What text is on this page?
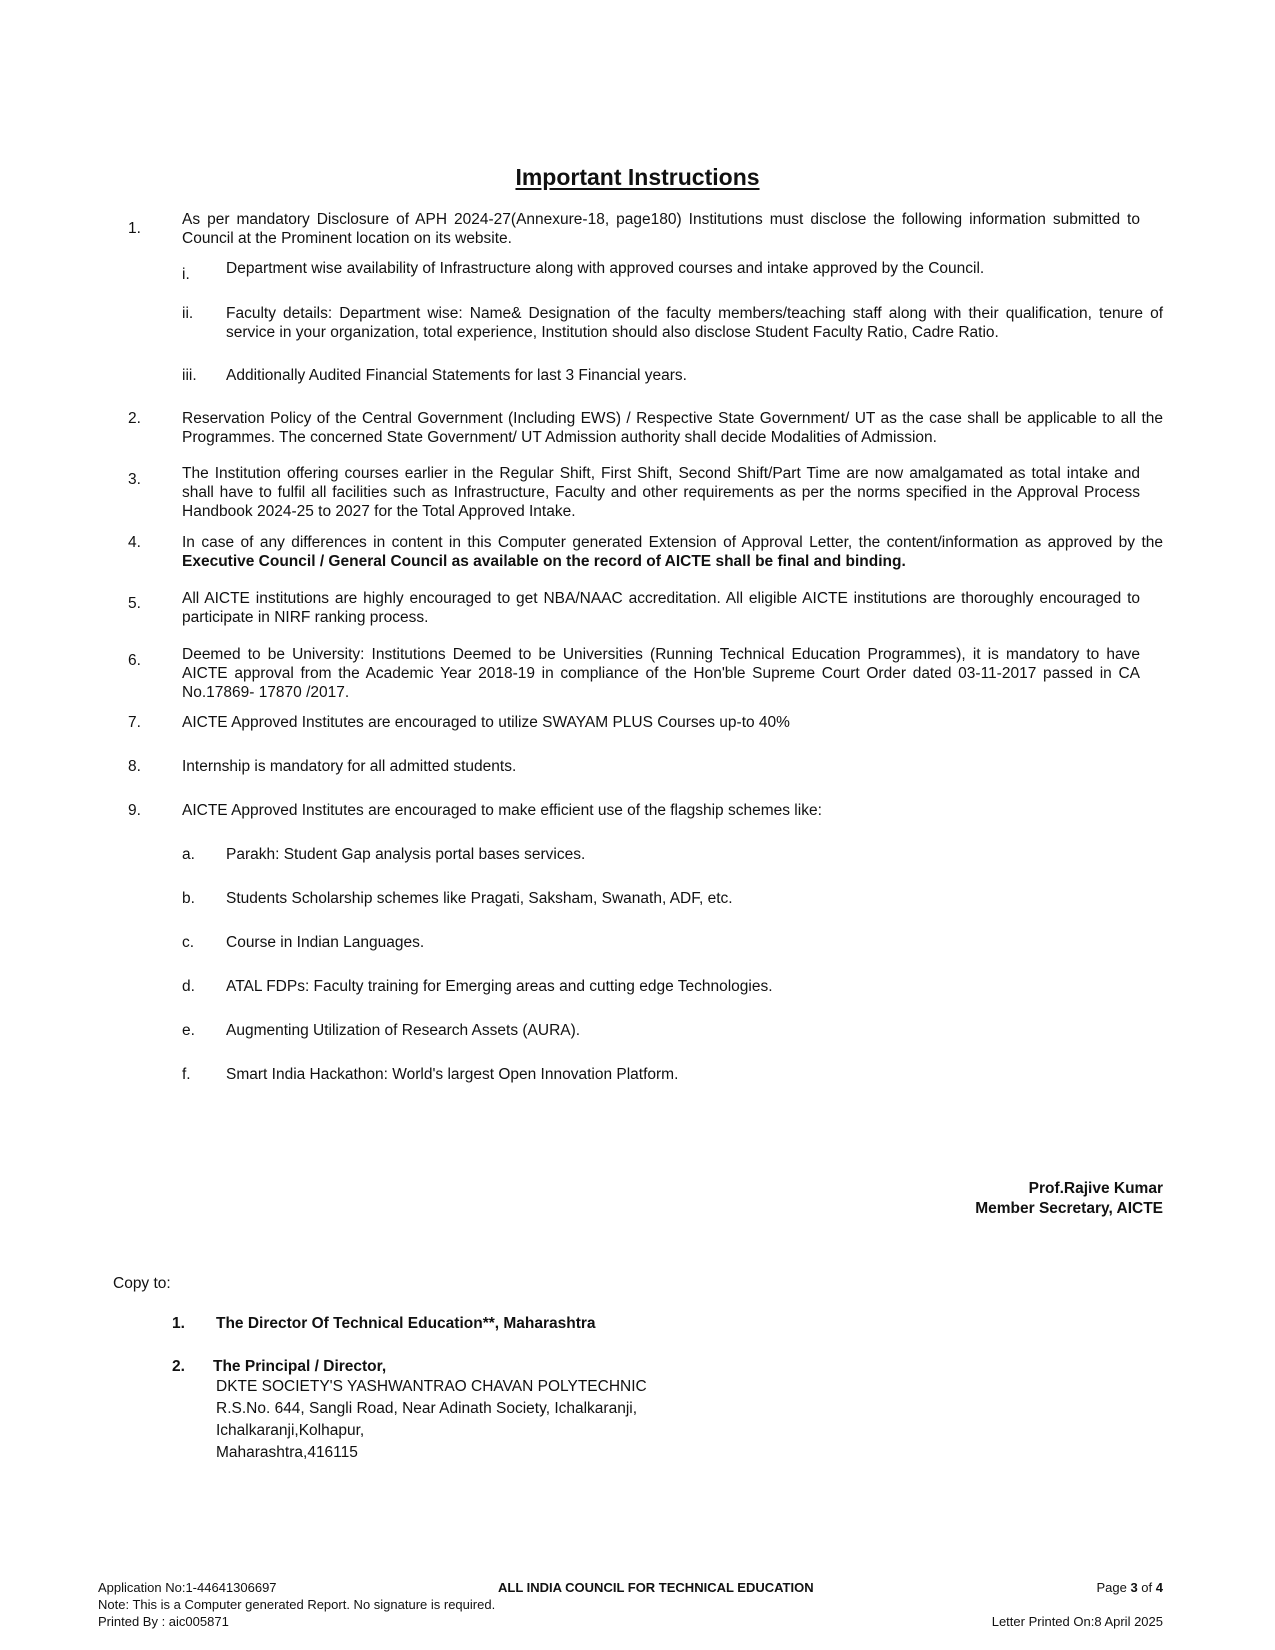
Important Instructions
1.
As per mandatory Disclosure of APH 2024-27(Annexure-18, page180) Institutions must disclose the following information submitted to Council at the Prominent location on its website.
i.	Department wise availability of Infrastructure along with approved courses and intake approved by the Council.
ii.	Faculty details: Department wise: Name& Designation of the faculty members/teaching staff along with their qualification, tenure of service in your organization, total experience, Institution should also disclose Student Faculty Ratio, Cadre Ratio.
iii.	Additionally Audited Financial Statements for last 3 Financial years.
2.	Reservation Policy of the Central Government (Including EWS) / Respective State Government/ UT as the case shall be applicable to all the Programmes. The concerned State Government/ UT Admission authority shall decide Modalities of Admission.
3.	The Institution offering courses earlier in the Regular Shift, First Shift, Second Shift/Part Time are now amalgamated as total intake and shall have to fulfil all facilities such as Infrastructure, Faculty and other requirements as per the norms specified in the Approval Process Handbook 2024-25 to 2027 for the Total Approved Intake.
4.	In case of any differences in content in this Computer generated Extension of Approval Letter, the content/information as approved by the Executive Council / General Council as available on the record of AICTE shall be final and binding.
5.	All AICTE institutions are highly encouraged to get NBA/NAAC accreditation. All eligible AICTE institutions are thoroughly encouraged to participate in NIRF ranking process.
6.	Deemed to be University: Institutions Deemed to be Universities (Running Technical Education Programmes), it is mandatory to have AICTE approval from the Academic Year 2018-19 in compliance of the Hon'ble Supreme Court Order dated 03-11-2017 passed in CA No.17869- 17870 /2017.
7.	AICTE Approved Institutes are encouraged to utilize SWAYAM PLUS Courses up-to 40%
8.	Internship is mandatory for all admitted students.
9.	AICTE Approved Institutes are encouraged to make efficient use of the flagship schemes like:
a.	Parakh: Student Gap analysis portal bases services.
b.	Students Scholarship schemes like Pragati, Saksham, Swanath, ADF, etc.
c.	Course in Indian Languages.
d.	ATAL FDPs: Faculty training for Emerging areas and cutting edge Technologies.
e.	Augmenting Utilization of Research Assets (AURA).
f.	Smart India Hackathon: World's largest Open Innovation Platform.
Prof.Rajive Kumar
Member Secretary, AICTE
Copy to:
1. The Director Of Technical Education**, Maharashtra
2. The Principal / Director,
DKTE SOCIETY'S YASHWANTRAO CHAVAN POLYTECHNIC
R.S.No. 644, Sangli Road, Near Adinath Society, Ichalkaranji,
Ichalkaranji,Kolhapur,
Maharashtra,416115
Application No:1-44641306697	ALL INDIA COUNCIL FOR TECHNICAL EDUCATION	Page 3 of 4
Note: This is a Computer generated Report. No signature is required.
Printed By : aic005871	Letter Printed On:8 April 2025
